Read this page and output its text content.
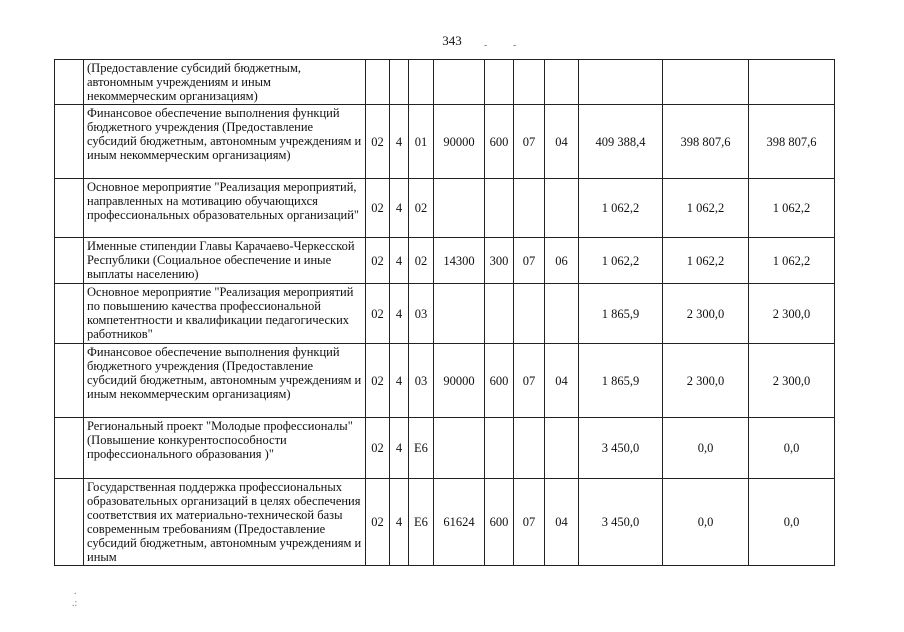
343
	(Предоставление субсидий бюджетным, автономным учреждениям и иным некоммерческим организациям)										
	Финансовое обеспечение выполнения функций бюджетного учреждения (Предоставление субсидий бюджетным, автономным учреждениям и иным некоммерческим организациям)	02	4	01	90000	600	07	04	409 388,4	398 807,6	398 807,6
	Основное мероприятие "Реализация мероприятий, направленных на мотивацию обучающихся профессиональных образовательных организаций"	02	4	02					1 062,2	1 062,2	1 062,2
	Именные стипендии Главы Карачаево-Черкесской Республики (Социальное обеспечение и иные выплаты населению)	02	4	02	14300	300	07	06	1 062,2	1 062,2	1 062,2
	Основное мероприятие "Реализация мероприятий по повышению качества профессиональной компетентности и квалификации педагогических работников"	02	4	03					1 865,9	2 300,0	2 300,0
	Финансовое обеспечение выполнения функций бюджетного учреждения (Предоставление субсидий бюджетным, автономным учреждениям и иным некоммерческим организациям)	02	4	03	90000	600	07	04	1 865,9	2 300,0	2 300,0
	Региональный проект "Молодые профессионалы" (Повышение конкурентоспособности профессионального образования )"	02	4	Е6					3 450,0	0,0	0,0
	Государственная поддержка профессиональных образовательных организаций в целях обеспечения соответствия их материально-технической базы современным требованиям (Предоставление субсидий бюджетным, автономным учреждениям и иным	02	4	Е6	61624	600	07	04	3 450,0	0,0	0,0
-	-
.
.:
